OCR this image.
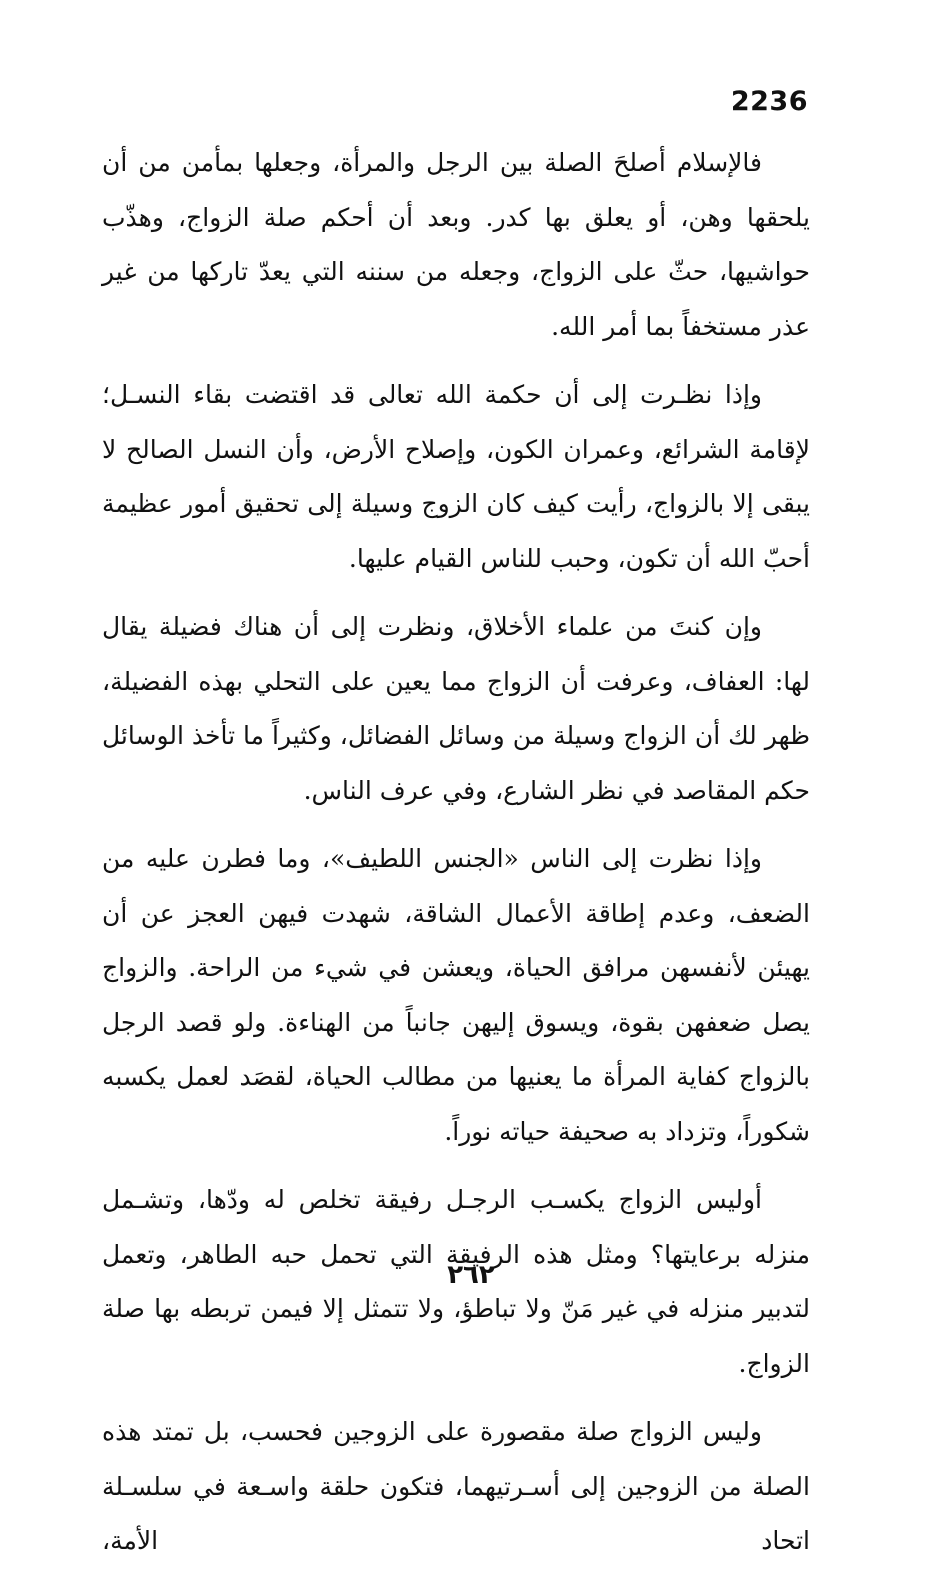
2236

فالإسلام أصلحَ الصلة بين الرجل والمرأة، وجعلها بمأمن من أن يلحقها وهن، أو يعلق بها كدر. وبعد أن أحكم صلة الزواج، وهذّب حواشيها، حثّ على الزواج، وجعله من سننه التي يعدّ تاركها من غير عذر مستخفاً بما أمر الله.

وإذا نظـرت إلى أن حكمة الله تعالى قد اقتضت بقاء النسـل؛ لإقامة الشرائع، وعمران الكون، وإصلاح الأرض، وأن النسل الصالح لا يبقى إلا بالزواج، رأيت كيف كان الزوج وسيلة إلى تحقيق أمور عظيمة أحبّ الله أن تكون، وحبب للناس القيام عليها.

وإن كنتَ من علماء الأخلاق، ونظرت إلى أن هناك فضيلة يقال لها: العفاف، وعرفت أن الزواج مما يعين على التحلي بهذه الفضيلة، ظهر لك أن الزواج وسيلة من وسائل الفضائل، وكثيراً ما تأخذ الوسائل حكم المقاصد في نظر الشارع، وفي عرف الناس.

وإذا نظرت إلى الناس «الجنس اللطيف»، وما فطرن عليه من الضعف، وعدم إطاقة الأعمال الشاقة، شهدت فيهن العجز عن أن يهيئن لأنفسهن مرافق الحياة، ويعشن في شيء من الراحة. والزواج يصل ضعفهن بقوة، ويسوق إليهن جانباً من الهناءة. ولو قصد الرجل بالزواج كفاية المرأة ما يعنيها من مطالب الحياة، لقصَد لعمل يكسبه شكوراً، وتزداد به صحيفة حياته نوراً.

أوليس الزواج يكسـب الرجـل رفيقة تخلص له ودّها، وتشـمل منزله برعايتها؟ ومثل هذه الرفيقة التي تحمل حبه الطاهر، وتعمل لتدبير منزله في غير مَنّ ولا تباطؤ، ولا تتمثل إلا فيمن تربطه بها صلة الزواج.

وليس الزواج صلة مقصورة على الزوجين فحسب، بل تمتد هذه الصلة من الزوجين إلى أسـرتيهما، فتكون حلقة واسـعة في سلسـلة اتحاد الأمة،

٢٦٢
